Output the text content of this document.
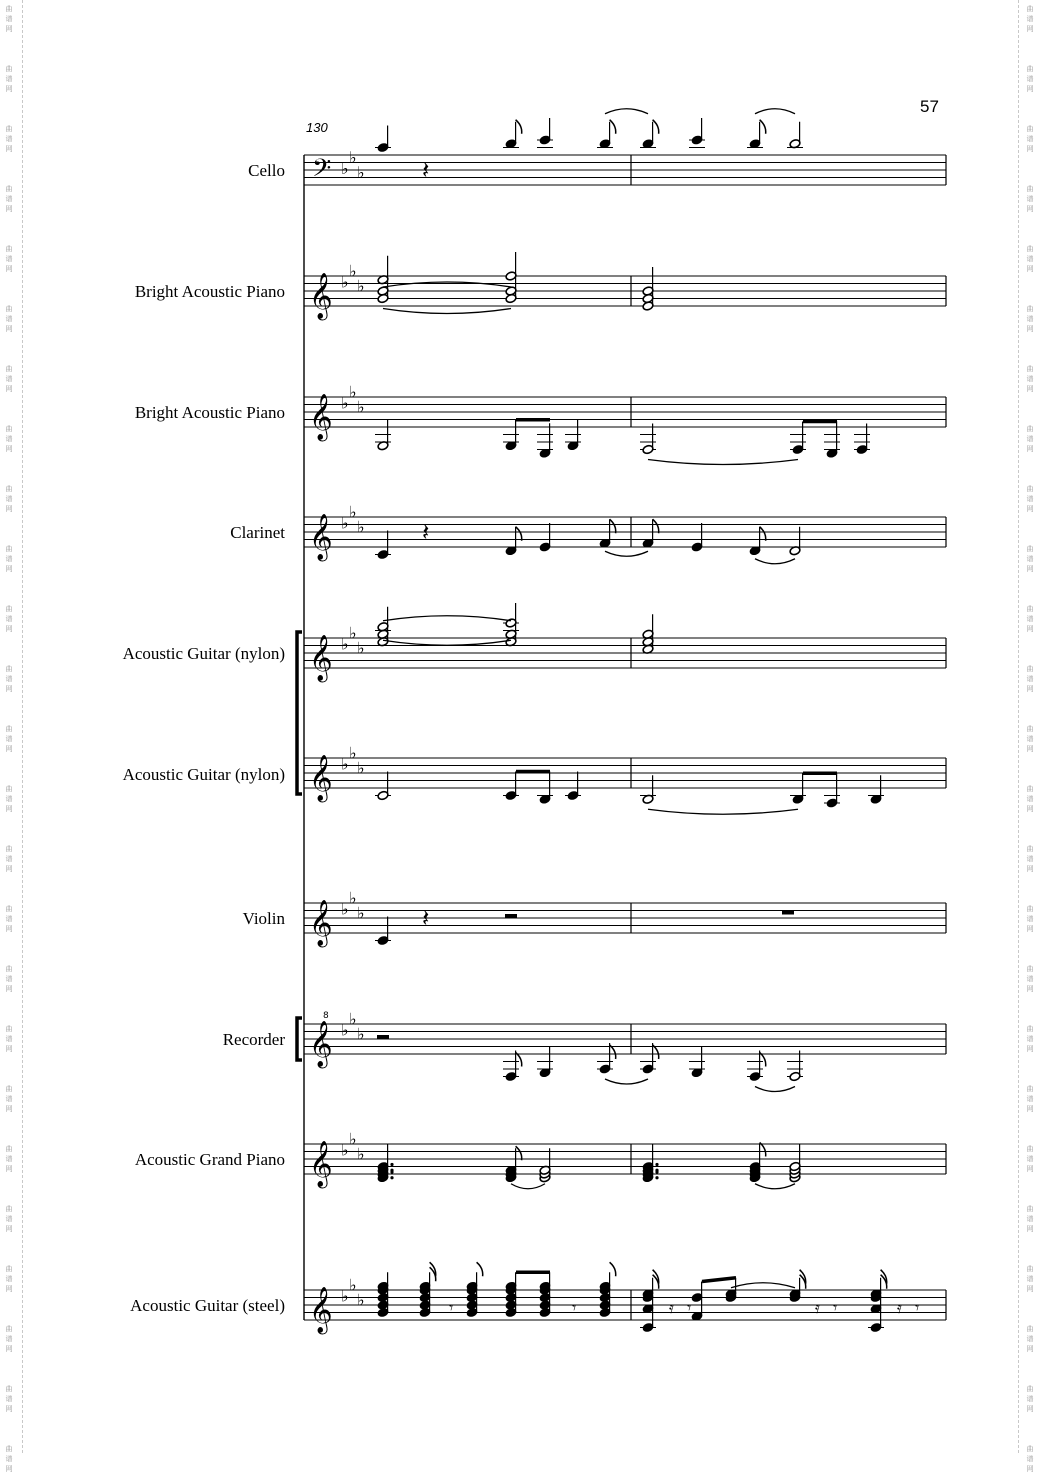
57
130
Cello
Bright Acoustic Piano
Bright Acoustic Piano
Clarinet
Acoustic Guitar (nylon)
Acoustic Guitar (nylon)
Violin
Recorder
Acoustic Grand Piano
Acoustic Guitar (steel)
𝄢 ♭
♭
♭
𝄞 ♭
♭
♭
𝄞 ♭
♭
♭
𝄞 ♭
♭
♭
𝄞 ♭
♭
♭
𝄞 ♭
♭
♭
𝄞 ♭
♭
♭
𝄞
8
♭
♭
♭
𝄞 ♭
♭
♭
𝄞 ♭
♭
♭
𝄽
𝄽
𝄽
𝄾	𝄾	𝄿 𝄾	𝄿 𝄾	𝄿 𝄾
曲
谱
网
曲
谱
网
曲
谱
网
曲
谱
网
曲
谱
网
曲
谱
网
曲
谱
网
曲
谱
网
曲
谱
网
曲
谱
网
曲
谱
网
曲
谱
网
曲
谱
网
曲
谱
网
曲
谱
网
曲
谱
网
曲
谱
网
曲
谱
网
曲
谱
网
曲
谱
网
曲
谱
网
曲
谱
网
曲
谱
网
曲
谱
网
曲
谱
网
曲
谱
网
曲
谱
网
曲
谱
网
曲
谱
网
曲
谱
网
曲
谱
网
曲
谱
网
曲
谱
网
曲
谱
网
曲
谱
网
曲
谱
网
曲
谱
网
曲
谱
网
曲
谱
网
曲
谱
网
曲
谱
网
曲
谱
网
曲
谱
网
曲
谱
网
曲
谱
网
曲
谱
网
曲
谱
网
曲
谱
网
曲
谱
网
曲
谱
网
